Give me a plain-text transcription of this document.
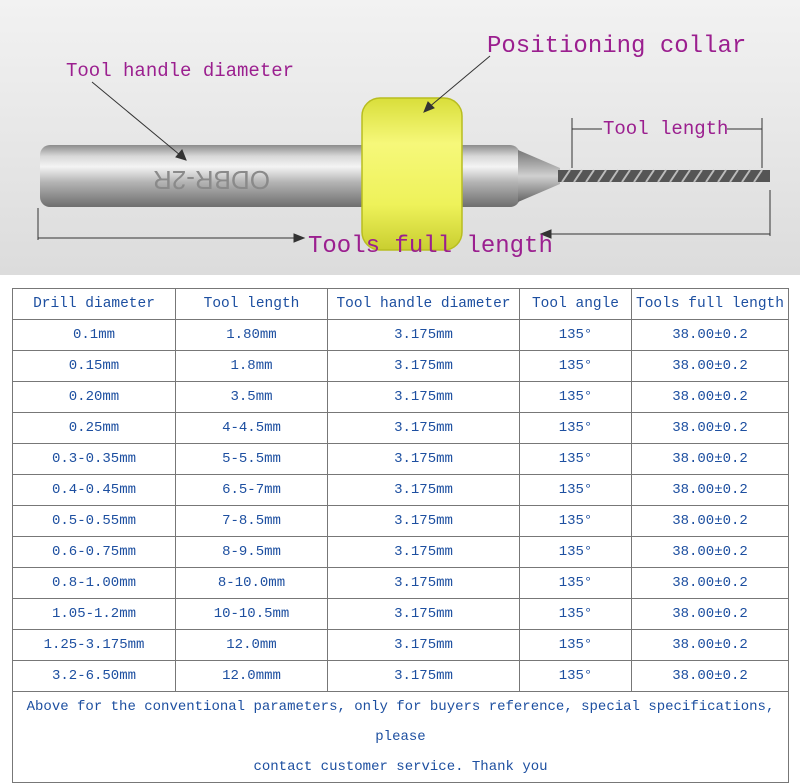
ODBR-2R
Tool handle diameter
Positioning collar
Tool length
Tools full length
Drill diameter	Tool length	Tool handle diameter	Tool angle	Tools full length
0.1mm	1.80mm	3.175mm	135°	38.00±0.2
0.15mm	1.8mm	3.175mm	135°	38.00±0.2
0.20mm	3.5mm	3.175mm	135°	38.00±0.2
0.25mm	4-4.5mm	3.175mm	135°	38.00±0.2
0.3-0.35mm	5-5.5mm	3.175mm	135°	38.00±0.2
0.4-0.45mm	6.5-7mm	3.175mm	135°	38.00±0.2
0.5-0.55mm	7-8.5mm	3.175mm	135°	38.00±0.2
0.6-0.75mm	8-9.5mm	3.175mm	135°	38.00±0.2
0.8-1.00mm	8-10.0mm	3.175mm	135°	38.00±0.2
1.05-1.2mm	10-10.5mm	3.175mm	135°	38.00±0.2
1.25-3.175mm	12.0mm	3.175mm	135°	38.00±0.2
3.2-6.50mm	12.0mmm	3.175mm	135°	38.00±0.2

Above for the conventional parameters, only for buyers reference, special specifications, please
contact customer service. Thank you				
